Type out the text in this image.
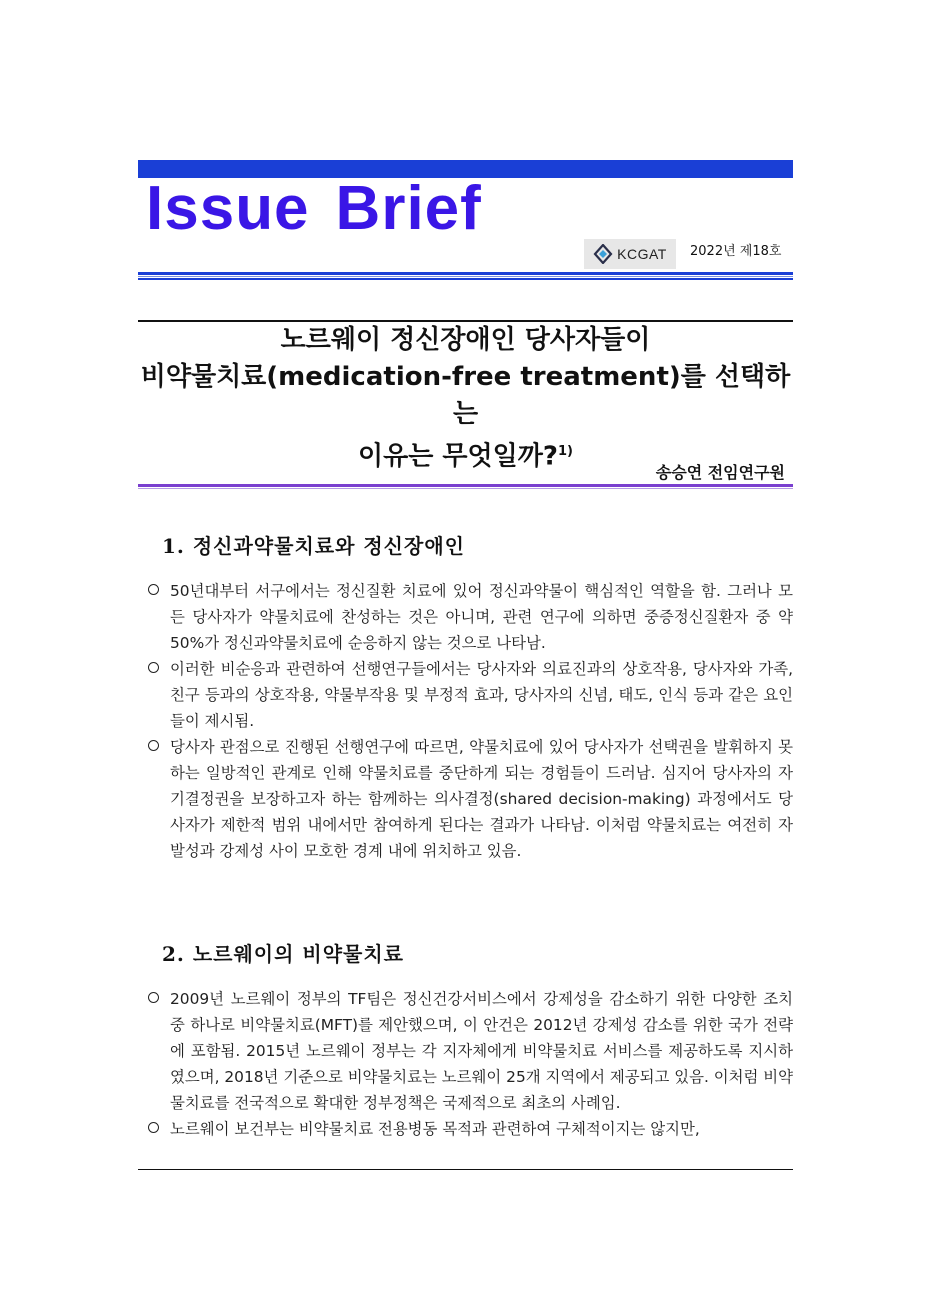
Issue Brief
KCGAT 2022년 제18호
노르웨이 정신장애인 당사자들이
비약물치료(medication-free treatment)를 선택하는
이유는 무엇일까?$^{1)}$
송승연 전임연구원
1. 정신과약물치료와 정신장애인
50년대부터 서구에서는 정신질환 치료에 있어 정신과약물이 핵심적인 역할을 함. 그러나 모든 당사자가 약물치료에 찬성하는 것은 아니며, 관련 연구에 의하면 중증정신질환자 중 약 50%가 정신과약물치료에 순응하지 않는 것으로 나타남.
이러한 비순응과 관련하여 선행연구들에서는 당사자와 의료진과의 상호작용, 당사자와 가족, 친구 등과의 상호작용, 약물부작용 및 부정적 효과, 당사자의 신념, 태도, 인식 등과 같은 요인들이 제시됨.
당사자 관점으로 진행된 선행연구에 따르면, 약물치료에 있어 당사자가 선택권을 발휘하지 못하는 일방적인 관계로 인해 약물치료를 중단하게 되는 경험들이 드러남. 심지어 당사자의 자기결정권을 보장하고자 하는 함께하는 의사결정(shared decision-making) 과정에서도 당사자가 제한적 범위 내에서만 참여하게 된다는 결과가 나타남. 이처럼 약물치료는 여전히 자발성과 강제성 사이 모호한 경계 내에 위치하고 있음.
2. 노르웨이의 비약물치료
2009년 노르웨이 정부의 TF팀은 정신건강서비스에서 강제성을 감소하기 위한 다양한 조치 중 하나로 비약물치료(MFT)를 제안했으며, 이 안건은 2012년 강제성 감소를 위한 국가 전략에 포함됨. 2015년 노르웨이 정부는 각 지자체에게 비약물치료 서비스를 제공하도록 지시하였으며, 2018년 기준으로 비약물치료는 노르웨이 25개 지역에서 제공되고 있음. 이처럼 비약물치료를 전국적으로 확대한 정부정책은 국제적으로 최초의 사례임.
노르웨이 보건부는 비약물치료 전용병동 목적과 관련하여 구체적이지는 않지만,
